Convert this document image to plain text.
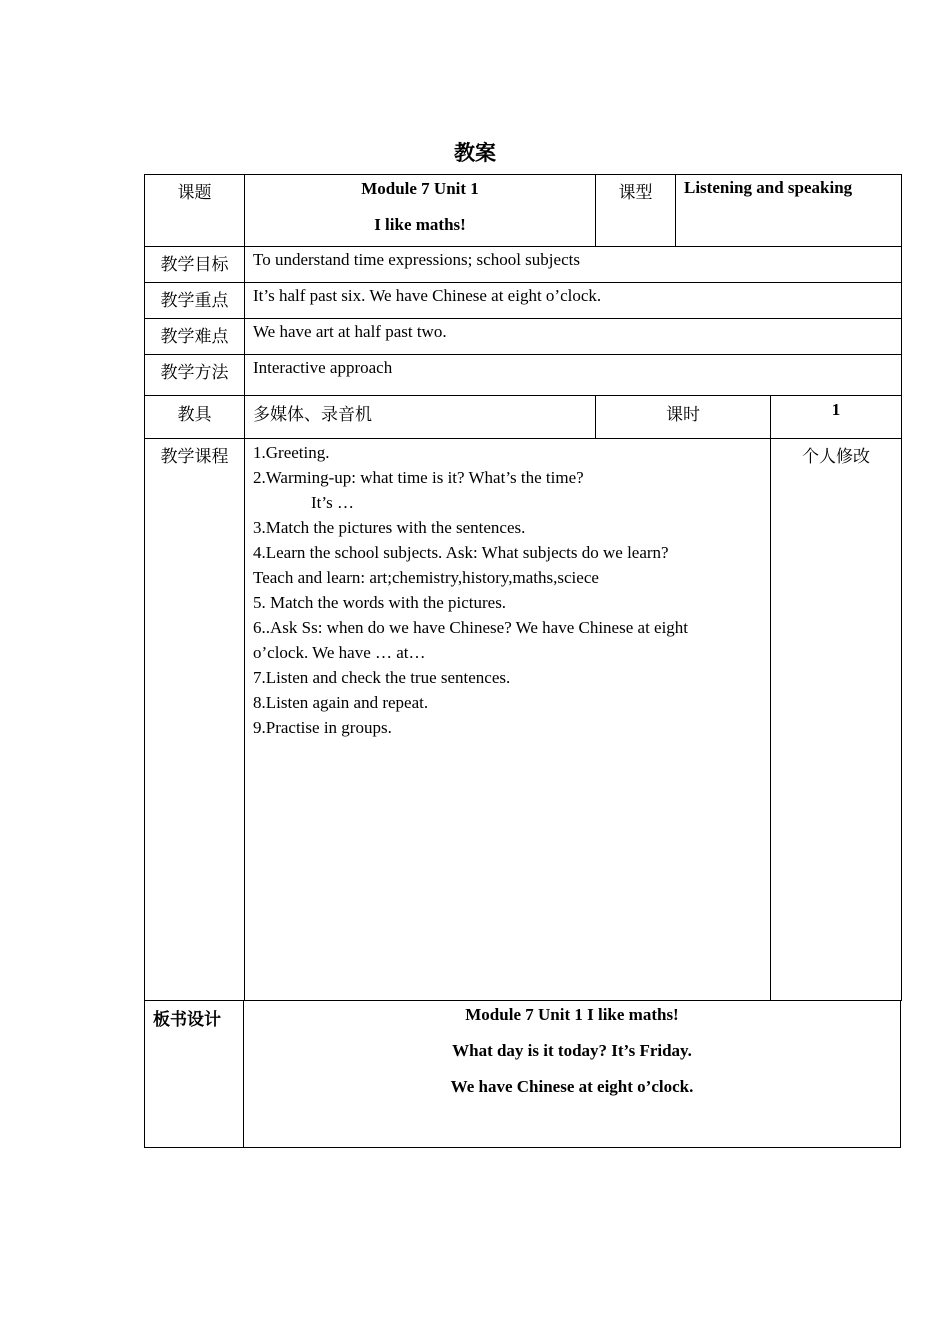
教案
课题	Module 7 Unit 1
I like maths!
课型	Listening and speaking
教学目标	To understand time expressions; school subjects
教学重点	It’s half past six. We have Chinese at eight o’clock.
教学难点	We have art at half past two.
教学方法	Interactive approach
教具	多媒体、录音机	课时	1
教学课程	1.Greeting.
2.Warming-up: what time is it? What’s the time?
It’s …
3.Match the pictures with the sentences.
4.Learn the school subjects. Ask: What subjects do we learn?
Teach and learn: art;chemistry,history,maths,sciece
5. Match the words with the pictures.
6..Ask Ss: when do we have Chinese? We have Chinese at eight
o’clock. We have … at…
7.Listen and check the true sentences.
8.Listen again and repeat.
9.Practise in groups.
个人修改
板书设计	Module 7 Unit 1 I like maths!
What day is it today? It’s Friday.
We have Chinese at eight o’clock.
